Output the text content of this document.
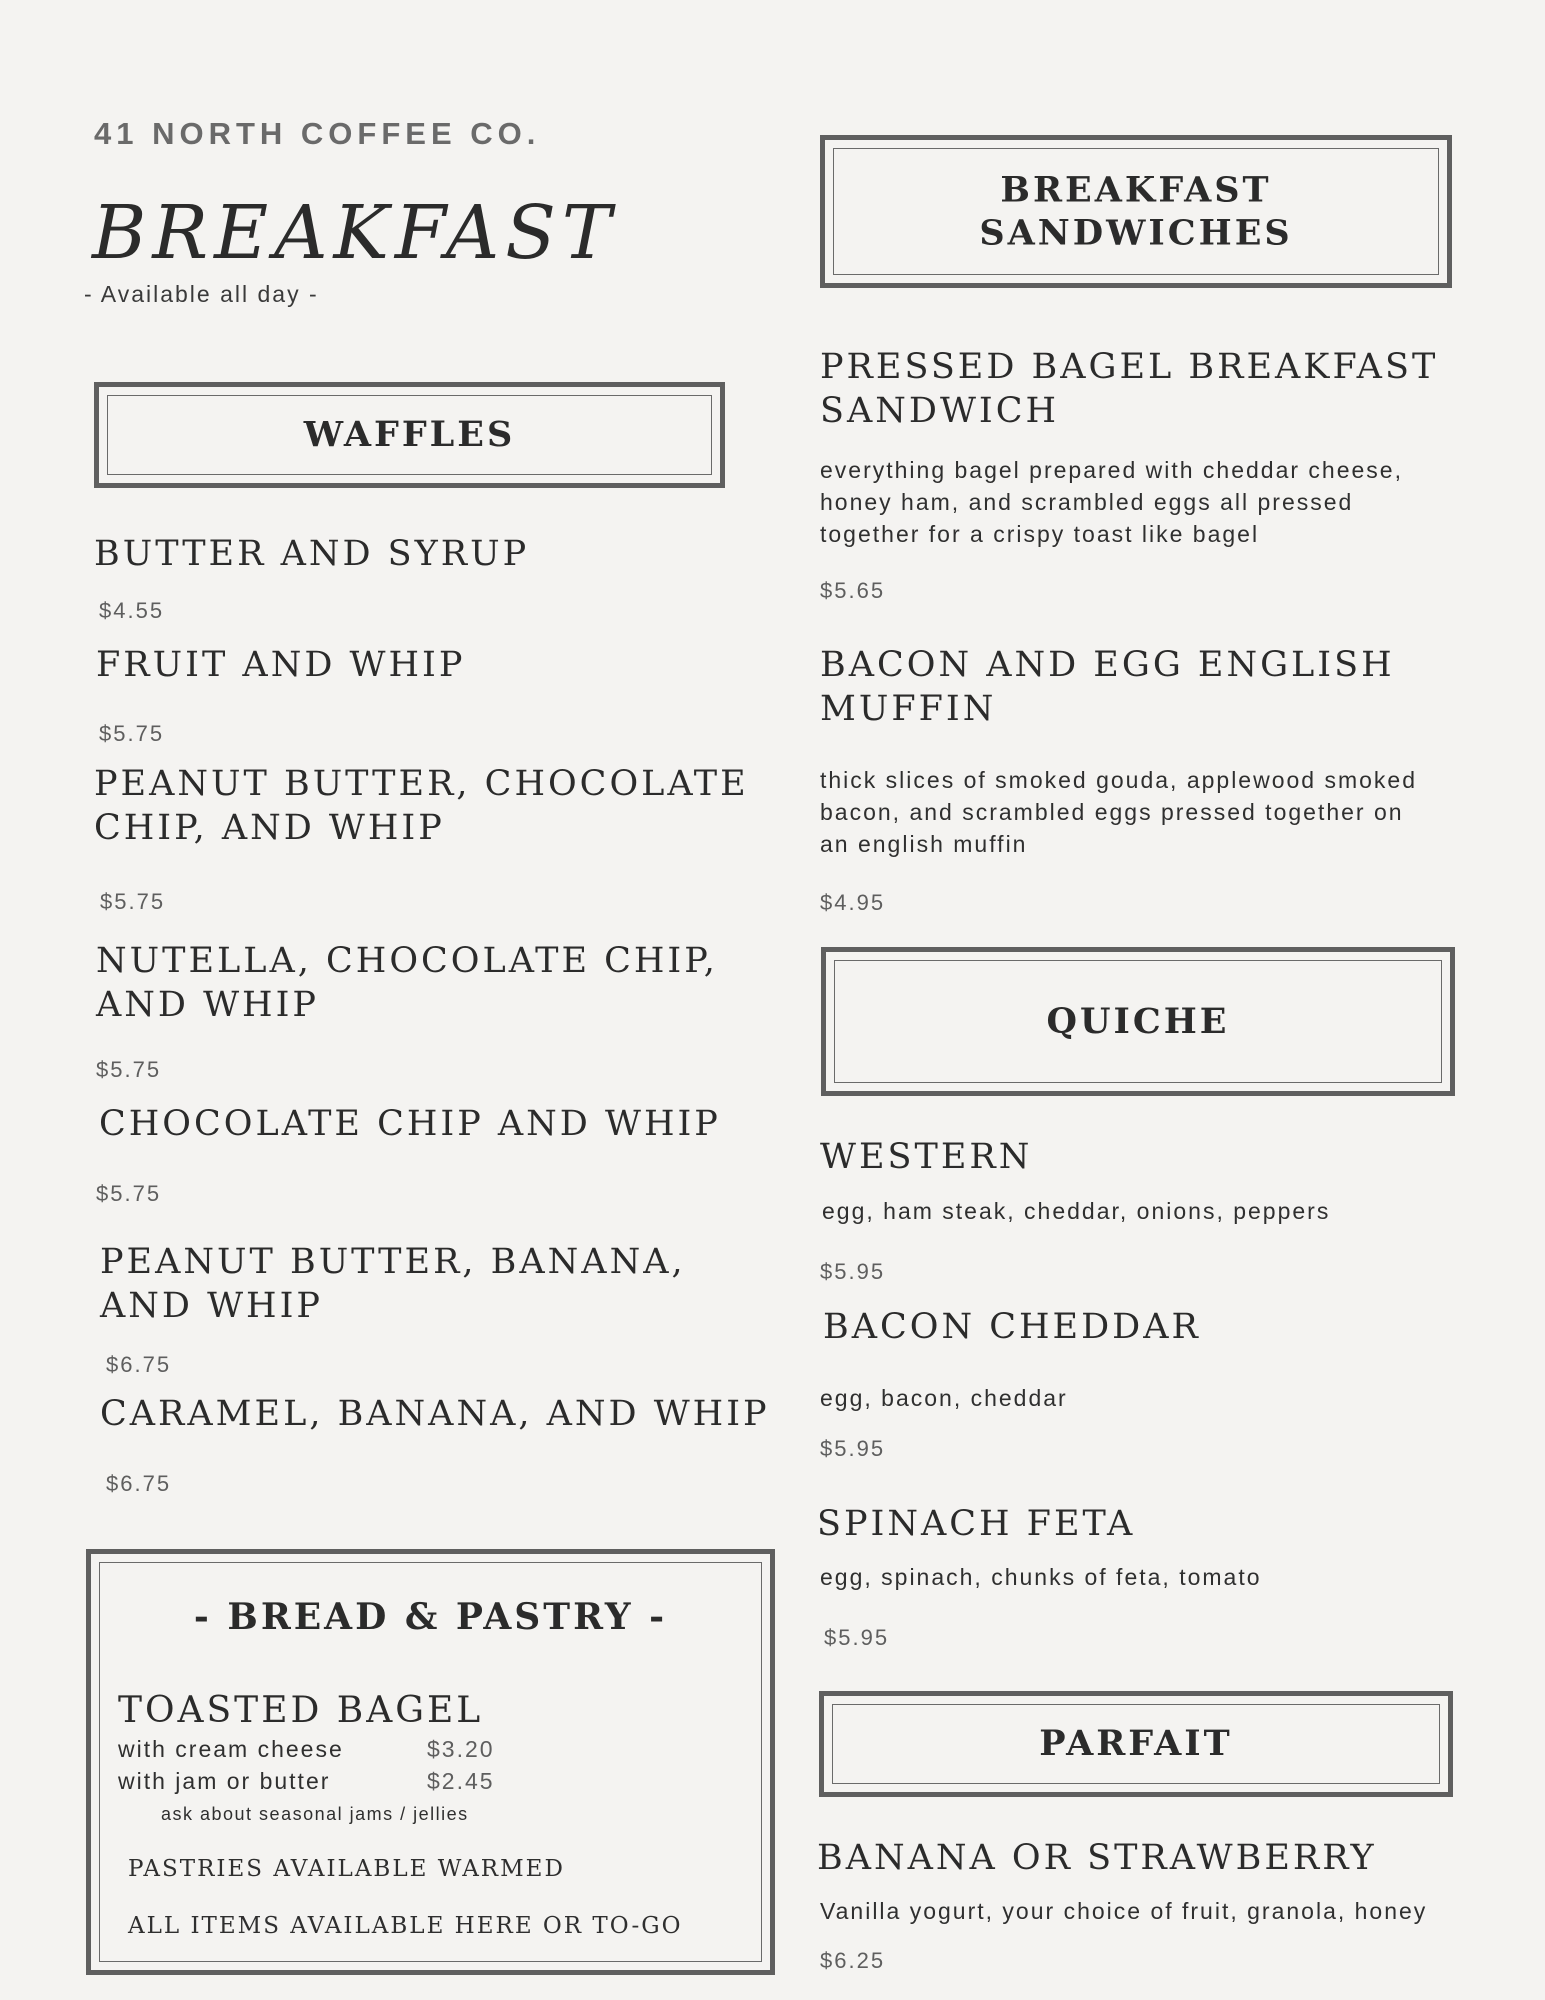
41 NORTH COFFEE CO.
BREAKFAST
- Available all day -
WAFFLES
BUTTER AND SYRUP
$4.55
FRUIT AND WHIP
$5.75
PEANUT BUTTER, CHOCOLATE
CHIP, AND WHIP
$5.75
NUTELLA, CHOCOLATE CHIP,
AND WHIP
$5.75
CHOCOLATE CHIP AND WHIP
$5.75
PEANUT BUTTER, BANANA,
AND WHIP
$6.75
CARAMEL, BANANA, AND WHIP
$6.75
- BREAD & PASTRY -
TOASTED BAGEL
with cream cheese	$3.20
with jam or butter	$2.45
ask about seasonal jams / jellies
PASTRIES AVAILABLE WARMED
ALL ITEMS AVAILABLE HERE OR TO-GO
BREAKFAST
SANDWICHES
PRESSED BAGEL BREAKFAST
SANDWICH
everything bagel prepared with cheddar cheese,
honey ham, and scrambled eggs all pressed
together for a crispy toast like bagel
$5.65
BACON AND EGG ENGLISH
MUFFIN
thick slices of smoked gouda, applewood smoked
bacon, and scrambled eggs pressed together on
an english muffin
$4.95
QUICHE
WESTERN
egg, ham steak, cheddar, onions, peppers
$5.95
BACON CHEDDAR
egg, bacon, cheddar
$5.95
SPINACH FETA
egg, spinach, chunks of feta, tomato
$5.95
PARFAIT
BANANA OR STRAWBERRY
Vanilla yogurt, your choice of fruit, granola, honey
$6.25
